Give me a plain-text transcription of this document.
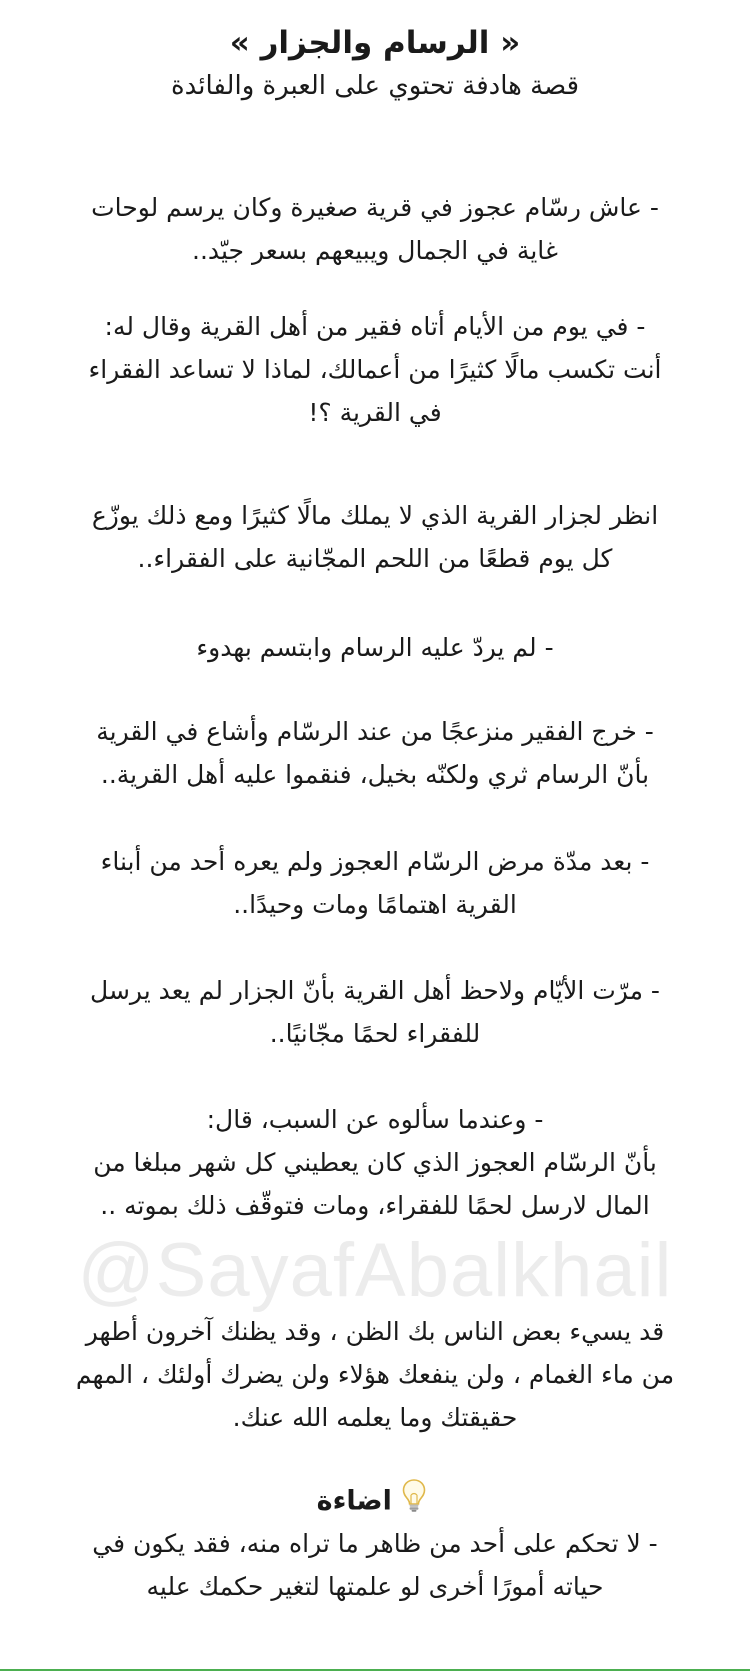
« الرسام والجزار »
قصة هادفة تحتوي على العبرة والفائدة
- عاش رسّام عجوز في قرية صغيرة وكان يرسم لوحات
غاية في الجمال ويبيعهم بسعر جيّد..
- في يوم من الأيام أتاه فقير من أهل القرية وقال له:
أنت تكسب مالًا كثيرًا من أعمالك، لماذا لا تساعد الفقراء
في القرية ؟!
انظر لجزار القرية الذي لا يملك مالًا كثيرًا ومع ذلك يوزّع
كل يوم قطعًا من اللحم المجّانية على الفقراء..
- لم يردّ عليه الرسام وابتسم بهدوء
- خرج الفقير منزعجًا من عند الرسّام وأشاع في القرية
بأنّ الرسام ثري ولكنّه بخيل، فنقموا عليه أهل القرية..
- بعد مدّة مرض الرسّام العجوز ولم يعره أحد من أبناء
القرية اهتمامًا ومات وحيدًا..
- مرّت الأيّام ولاحظ أهل القرية بأنّ الجزار لم يعد يرسل
للفقراء لحمًا مجّانيًا..
- وعندما سألوه عن السبب، قال:
بأنّ الرسّام العجوز الذي كان يعطيني كل شهر مبلغا من
المال لارسل لحمًا للفقراء، ومات فتوقّف ذلك بموته ..
@SayafAbalkhail
قد يسيء بعض الناس بك الظن ، وقد يظنك آخرون أطهر
من ماء الغمام ، ولن ينفعك هؤلاء ولن يضرك أولئك ، المهم
حقيقتك وما يعلمه الله عنك.
اضاءة
- لا تحكم على أحد من ظاهر ما تراه منه، فقد يكون في
حياته أمورًا أخرى لو علمتها لتغير حكمك عليه
